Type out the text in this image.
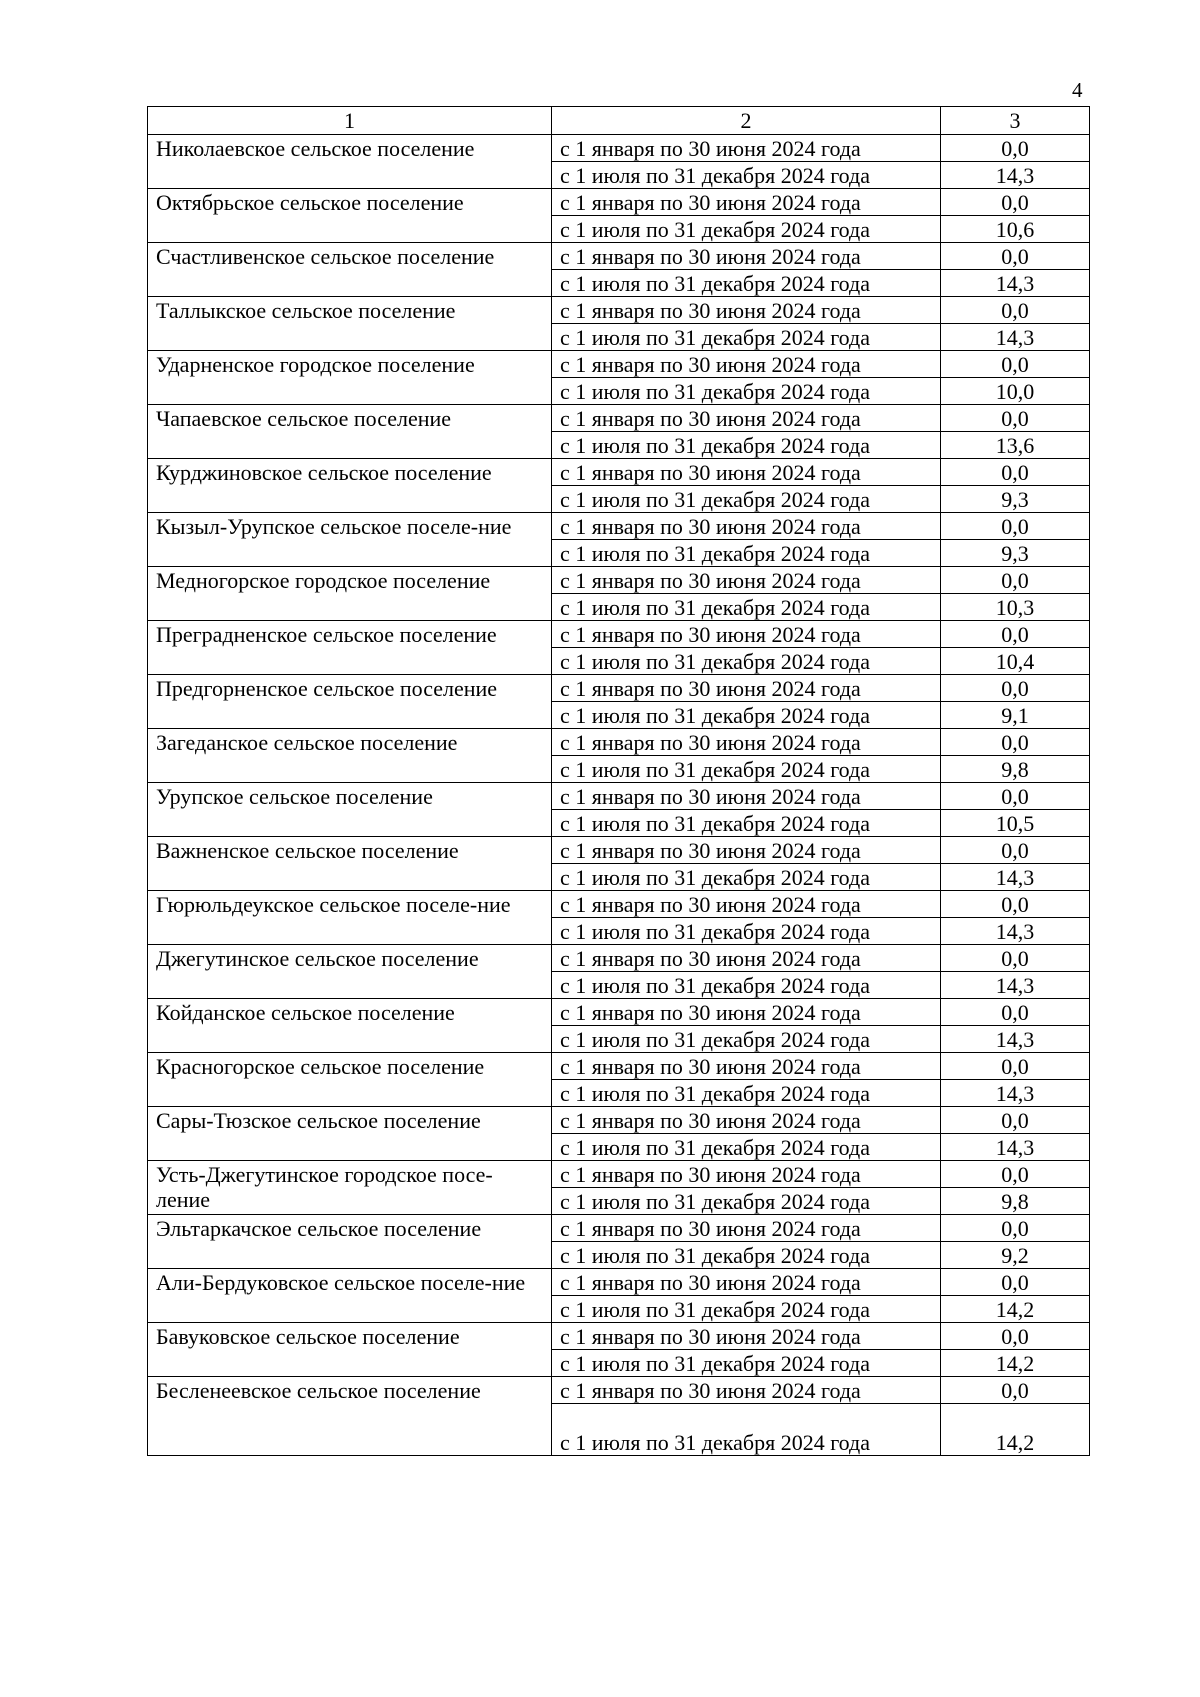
4
1	2	3
Николаевское сельское поселение	с 1 января по 30 июня 2024 года	0,0
	с 1 июля по 31 декабря 2024 года	14,3
Октябрьское сельское поселение	с 1 января по 30 июня 2024 года	0,0
	с 1 июля по 31 декабря 2024 года	10,6
Счастливенское сельское поселение	с 1 января по 30 июня 2024 года	0,0
	с 1 июля по 31 декабря 2024 года	14,3
Таллыкское сельское поселение	с 1 января по 30 июня 2024 года	0,0
	с 1 июля по 31 декабря 2024 года	14,3
Ударненское городское поселение	с 1 января по 30 июня 2024 года	0,0
	с 1 июля по 31 декабря 2024 года	10,0
Чапаевское сельское поселение	с 1 января по 30 июня 2024 года	0,0
	с 1 июля по 31 декабря 2024 года	13,6
Курджиновское сельское поселение	с 1 января по 30 июня 2024 года	0,0
	с 1 июля по 31 декабря 2024 года	9,3
Кызыл-Урупское сельское поселе-ние	с 1 января по 30 июня 2024 года	0,0
	с 1 июля по 31 декабря 2024 года	9,3
Медногорское городское поселение	с 1 января по 30 июня 2024 года	0,0
	с 1 июля по 31 декабря 2024 года	10,3
Преградненское сельское поселение	с 1 января по 30 июня 2024 года	0,0
	с 1 июля по 31 декабря 2024 года	10,4
Предгорненское сельское поселение	с 1 января по 30 июня 2024 года	0,0
	с 1 июля по 31 декабря 2024 года	9,1
Загеданское сельское поселение	с 1 января по 30 июня 2024 года	0,0
	с 1 июля по 31 декабря 2024 года	9,8
Урупское сельское поселение	с 1 января по 30 июня 2024 года	0,0
	с 1 июля по 31 декабря 2024 года	10,5
Важненское сельское поселение	с 1 января по 30 июня 2024 года	0,0
	с 1 июля по 31 декабря 2024 года	14,3
Гюрюльдеукское сельское поселе-ние	с 1 января по 30 июня 2024 года	0,0
	с 1 июля по 31 декабря 2024 года	14,3
Джегутинское сельское поселение	с 1 января по 30 июня 2024 года	0,0
	с 1 июля по 31 декабря 2024 года	14,3
Койданское сельское поселение	с 1 января по 30 июня 2024 года	0,0
	с 1 июля по 31 декабря 2024 года	14,3
Красногорское сельское поселение	с 1 января по 30 июня 2024 года	0,0
	с 1 июля по 31 декабря 2024 года	14,3
Сары-Тюзское сельское поселение	с 1 января по 30 июня 2024 года	0,0
	с 1 июля по 31 декабря 2024 года	14,3
Усть-Джегутинское городское посе-ление	с 1 января по 30 июня 2024 года	0,0
	с 1 июля по 31 декабря 2024 года	9,8
Эльтаркачское сельское поселение	с 1 января по 30 июня 2024 года	0,0
	с 1 июля по 31 декабря 2024 года	9,2
Али-Бердуковское сельское поселе-ние	с 1 января по 30 июня 2024 года	0,0
	с 1 июля по 31 декабря 2024 года	14,2
Бавуковское сельское поселение	с 1 января по 30 июня 2024 года	0,0
	с 1 июля по 31 декабря 2024 года	14,2
Бесленеевское сельское поселение	с 1 января по 30 июня 2024 года	0,0
	с 1 июля по 31 декабря 2024 года	14,2
